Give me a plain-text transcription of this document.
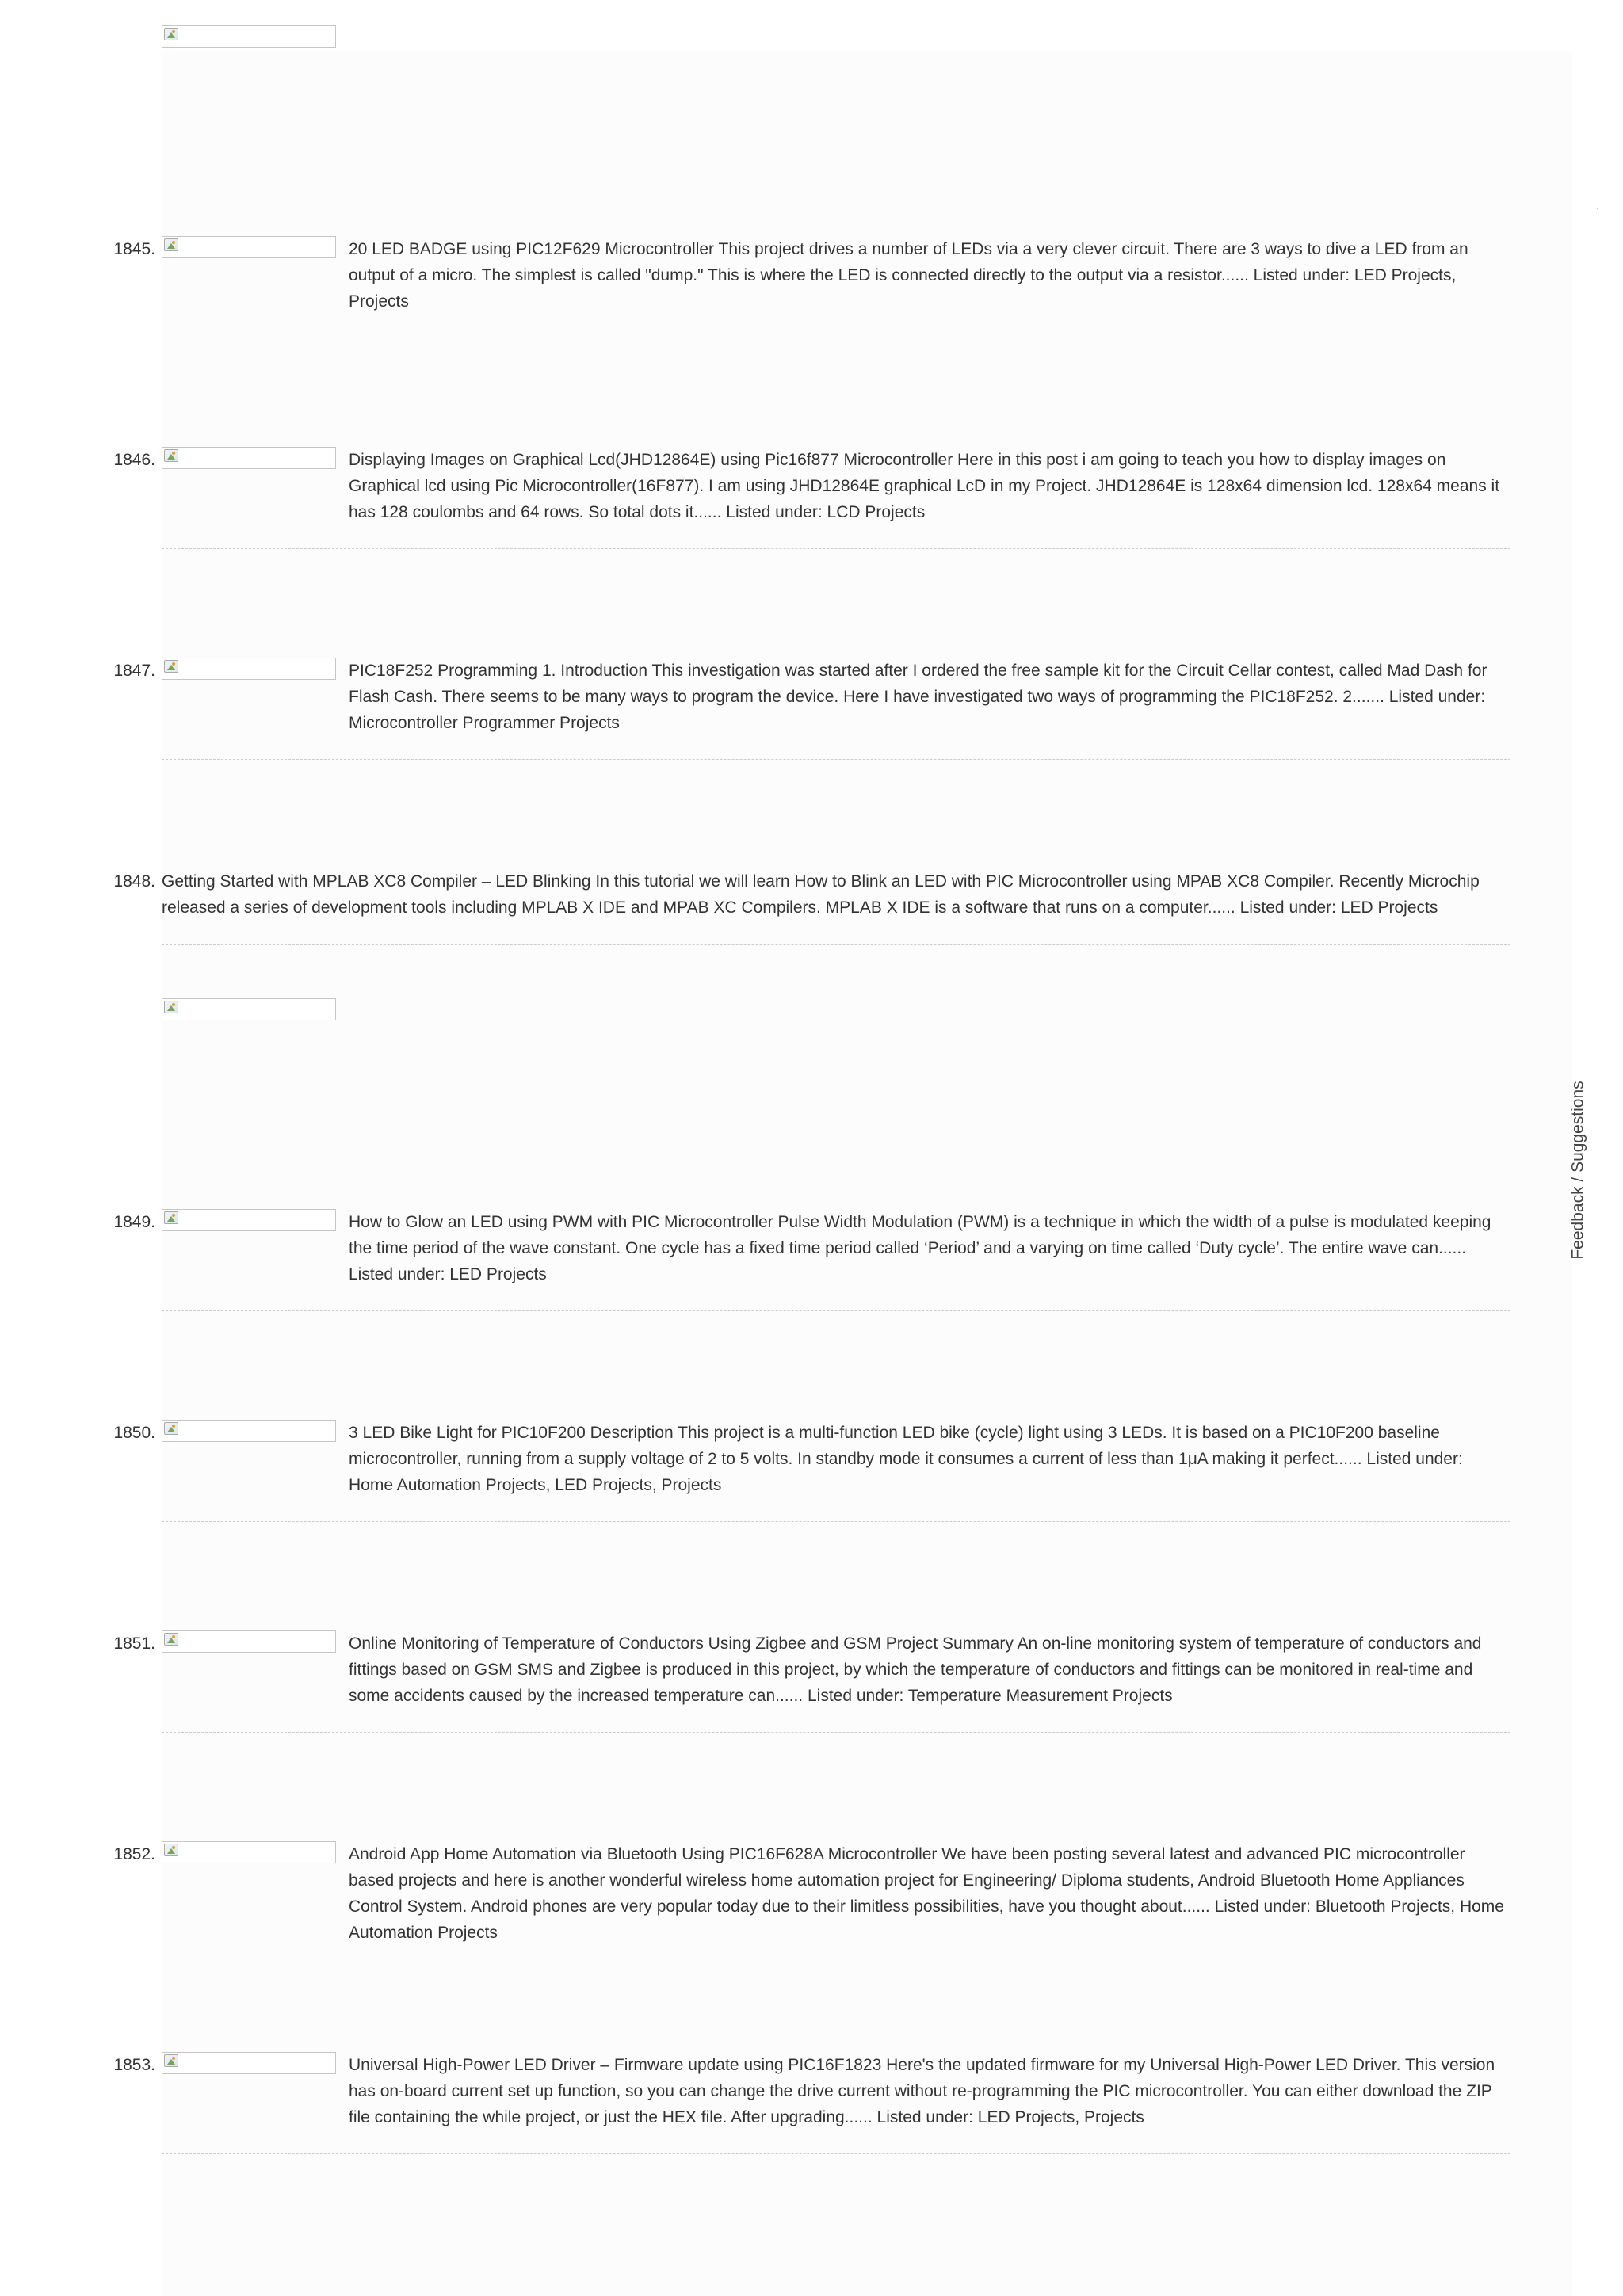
·
1845.	20 LED BADGE using PIC12F629 Microcontroller This project drives a number of LEDs via a very clever circuit. There are 3 ways to dive a LED from an output of a micro. The simplest is called "dump." This is where the LED is connected directly to the output via a resistor...... Listed under: LED Projects, Projects
1846.	Displaying Images on Graphical Lcd(JHD12864E) using Pic16f877 Microcontroller Here in this post i am going to teach you how to display images on Graphical lcd using Pic Microcontroller(16F877). I am using JHD12864E graphical LcD in my Project. JHD12864E is 128x64 dimension lcd. 128x64 means it has 128 coulombs and 64 rows. So total dots it...... Listed under: LCD Projects
1847.	PIC18F252 Programming 1. Introduction This investigation was started after I ordered the free sample kit for the Circuit Cellar contest, called Mad Dash for Flash Cash. There seems to be many ways to program the device. Here I have investigated two ways of programming the PIC18F252. 2....... Listed under: Microcontroller Programmer Projects
1848. Getting Started with MPLAB XC8 Compiler – LED Blinking In this tutorial we will learn How to Blink an LED with PIC Microcontroller using MPAB XC8 Compiler. Recently Microchip released a series of development tools including MPLAB X IDE and MPAB XC Compilers. MPLAB X IDE is a software that runs on a computer...... Listed under: LED Projects
1849.	How to Glow an LED using PWM with PIC Microcontroller Pulse Width Modulation (PWM) is a technique in which the width of a pulse is modulated keeping the time period of the wave constant. One cycle has a fixed time period called ‘Period’ and a varying on time called ‘Duty cycle’. The entire wave can...... Listed under: LED Projects
1850.	3 LED Bike Light for PIC10F200 Description This project is a multi-function LED bike (cycle) light using 3 LEDs. It is based on a PIC10F200 baseline microcontroller, running from a supply voltage of 2 to 5 volts. In standby mode it consumes a current of less than 1μA making it perfect...... Listed under: Home Automation Projects, LED Projects, Projects
1851.	Online Monitoring of Temperature of Conductors Using Zigbee and GSM Project Summary An on-line monitoring system of temperature of conductors and fittings based on GSM SMS and Zigbee is produced in this project, by which the temperature of conductors and fittings can be monitored in real-time and some accidents caused by the increased temperature can...... Listed under: Temperature Measurement Projects
1852.	Android App Home Automation via Bluetooth Using PIC16F628A Microcontroller We have been posting several latest and advanced PIC microcontroller based projects and here is another wonderful wireless home automation project for Engineering/ Diploma students, Android Bluetooth Home Appliances Control System. Android phones are very popular today due to their limitless possibilities, have you thought about...... Listed under: Bluetooth Projects, Home Automation Projects
1853.	Universal High-Power LED Driver – Firmware update using PIC16F1823 Here's the updated firmware for my Universal High-Power LED Driver. This version has on-board current set up function, so you can change the drive current without re-programming the PIC microcontroller. You can either download the ZIP file containing the while project, or just the HEX file. After upgrading...... Listed under: LED Projects, Projects
Feedback / Suggestions
